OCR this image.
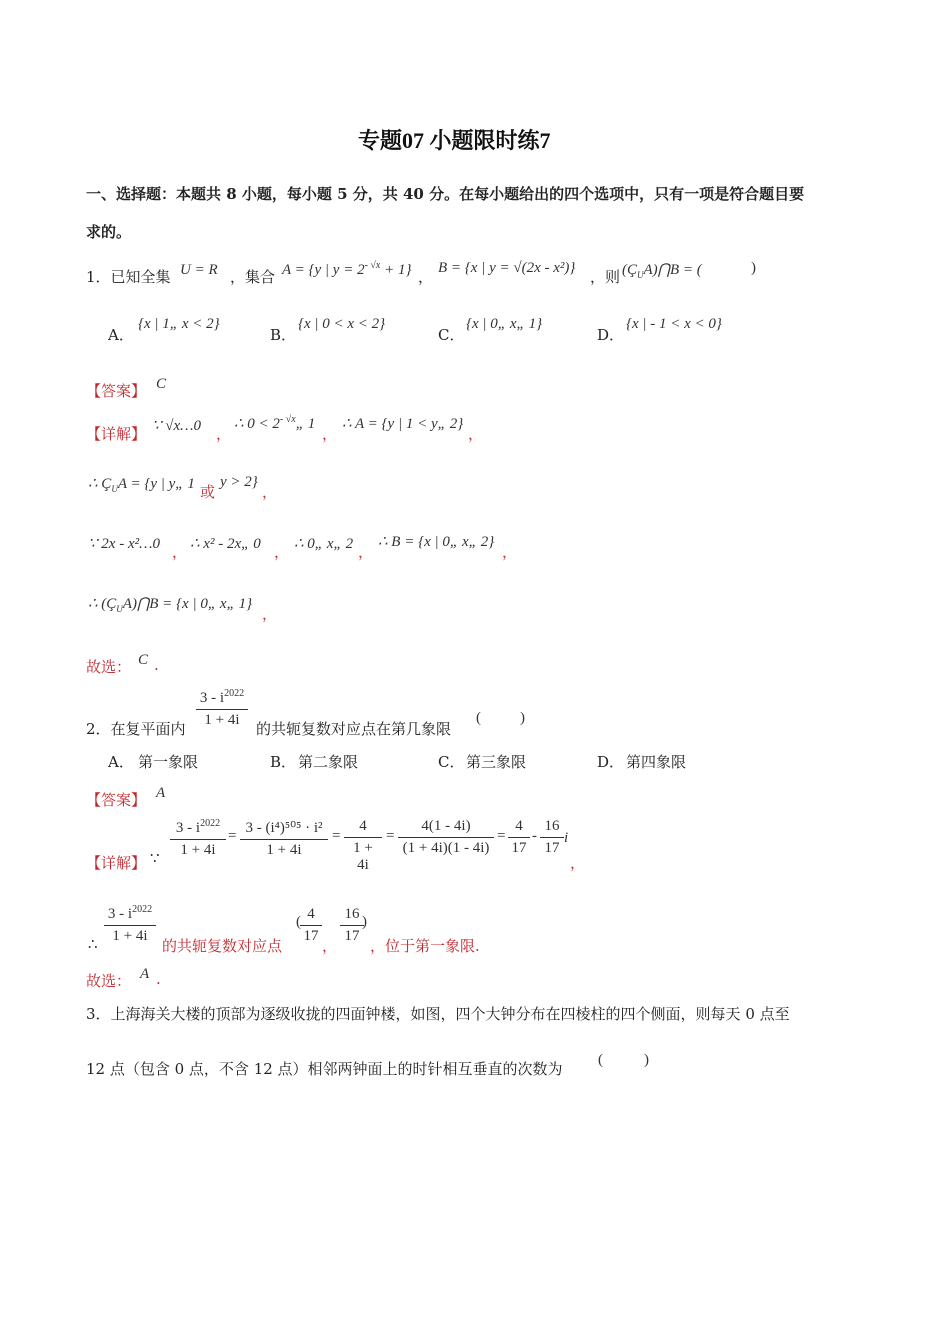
专题07 小题限时练7
一、选择题：本题共 8 小题，每小题 5 分，共 40 分。在每小题给出的四个选项中，只有一项是符合题目要
求的。
1．已知全集 U = R ，集合 A = {y | $y = 2^{- √x} + 1$} ， B = {x | y = √(2x - x²)} ，则 $(Ç_UA)⋂B$ = (	)
A．
{x | 1„ x < 2}
B．
{x | 0 < x < 2}
C．
{x | 0„ x„ 1}
D．
{x | - 1 < x < 0}
【答案】 C
【详解】 ∵ √x…0 ，
∴ $0 < 2^{- √x}„$ 1
，
∴ A = {y | 1 < y„ 2}
，
∴ $Ç_UA = \{y$ | y„ 1 或
y > 2}
，
∵ 2x - x²…0 ， ∴ x² - 2x„ 0 ， ∴ 0„ x„ 2 ，
∴ B = {x | 0„ x„ 2}
，
∴ $(Ç_UA)⋂B = \{x$ | 0„ x„ 1}
，
故选： C .
2．在复平面内
$3 - i^{2022}$
1 + 4i	的共轭复数对应点在第几象限
(	)
A． 第一象限	B． 第二象限	C． 第三象限	D． 第四象限
【答案】 A
【详解】 ∵
$3 - i^{2022}$
1 + 4i
= 3 - (i⁴)⁵⁰⁵ · i²
1 + 4i
=
4
1 + 4i
=
4(1 - 4i)
(1 + 4i)(1 - 4i)
=
4
17
-
16
17
i
，
∴
$3 - i^{2022}$
1 + 4i
的共轭复数对应点
( 4
17
，
16
17
)
，位于第一象限.
故选： A .
3．上海海关大楼的顶部为逐级收拢的四面钟楼，如图，四个大钟分布在四棱柱的四个侧面，则每天 0 点至
12 点（包含 0 点，不含 12 点）相邻两钟面上的时针相互垂直的次数为 (	)
